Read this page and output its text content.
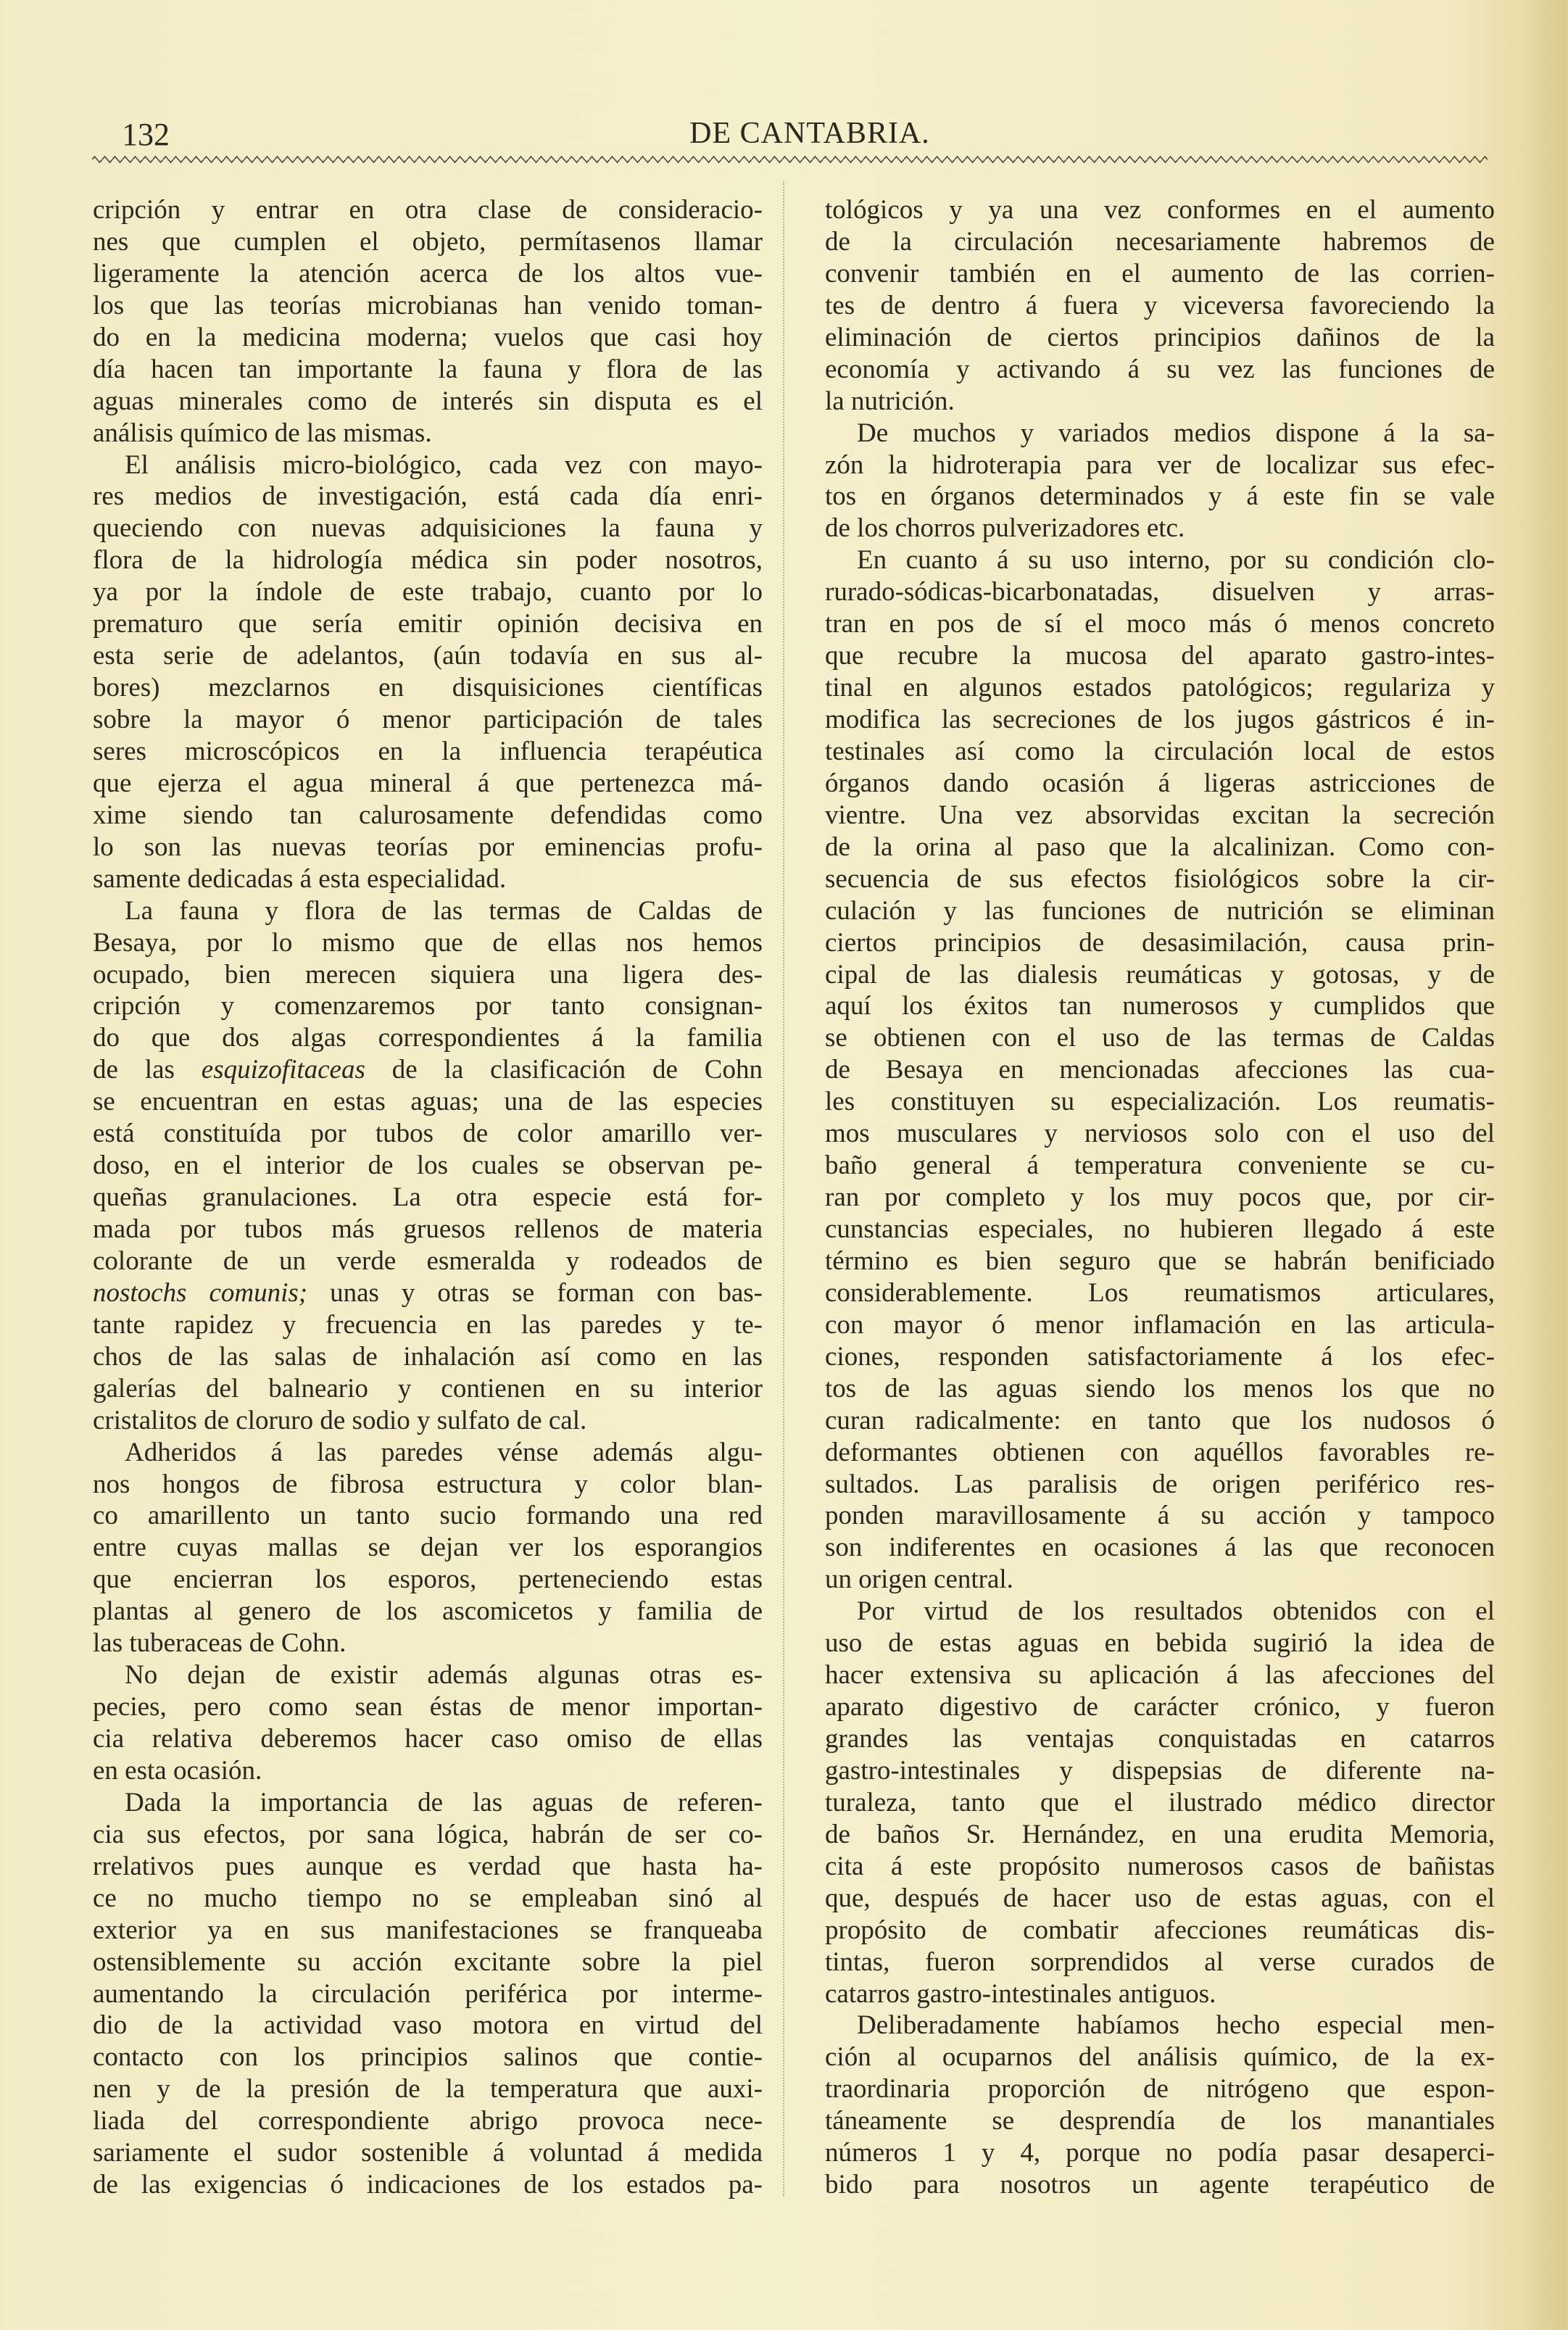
132	DE CANTABRIA.
cripción y entrar en otra clase de consideracio-
nes que cumplen el objeto, permítasenos llamar
ligeramente la atención acerca de los altos vue-
los que las teorías microbianas han venido toman-
do en la medicina moderna; vuelos que casi hoy
día hacen tan importante la fauna y flora de las
aguas minerales como de interés sin disputa es el
análisis químico de las mismas.
El análisis micro-biológico, cada vez con mayo-
res medios de investigación, está cada día enri-
queciendo con nuevas adquisiciones la fauna y
flora de la hidrología médica sin poder nosotros,
ya por la índole de este trabajo, cuanto por lo
prematuro que sería emitir opinión decisiva en
esta serie de adelantos, (aún todavía en sus al-
bores) mezclarnos en disquisiciones científicas
sobre la mayor ó menor participación de tales
seres microscópicos en la influencia terapéutica
que ejerza el agua mineral á que pertenezca má-
xime siendo tan calurosamente defendidas como
lo son las nuevas teorías por eminencias profu-
samente dedicadas á esta especialidad.
La fauna y flora de las termas de Caldas de
Besaya, por lo mismo que de ellas nos hemos
ocupado, bien merecen siquiera una ligera des-
cripción y comenzaremos por tanto consignan-
do que dos algas correspondientes á la familia
de las esquizofitaceas de la clasificación de Cohn
se encuentran en estas aguas; una de las especies
está constituída por tubos de color amarillo ver-
doso, en el interior de los cuales se observan pe-
queñas granulaciones. La otra especie está for-
mada por tubos más gruesos rellenos de materia
colorante de un verde esmeralda y rodeados de
nostochs comunis; unas y otras se forman con bas-
tante rapidez y frecuencia en las paredes y te-
chos de las salas de inhalación así como en las
galerías del balneario y contienen en su interior
cristalitos de cloruro de sodio y sulfato de cal.
Adheridos á las paredes vénse además algu-
nos hongos de fibrosa estructura y color blan-
co amarillento un tanto sucio formando una red
entre cuyas mallas se dejan ver los esporangios
que encierran los esporos, perteneciendo estas
plantas al genero de los ascomicetos y familia de
las tuberaceas de Cohn.
No dejan de existir además algunas otras es-
pecies, pero como sean éstas de menor importan-
cia relativa deberemos hacer caso omiso de ellas
en esta ocasión.
Dada la importancia de las aguas de referen-
cia sus efectos, por sana lógica, habrán de ser co-
rrelativos pues aunque es verdad que hasta ha-
ce no mucho tiempo no se empleaban sinó al
exterior ya en sus manifestaciones se franqueaba
ostensiblemente su acción excitante sobre la piel
aumentando la circulación periférica por interme-
dio de la actividad vaso motora en virtud del
contacto con los principios salinos que contie-
nen y de la presión de la temperatura que auxi-
liada del correspondiente abrigo provoca nece-
sariamente el sudor sostenible á voluntad á medida
de las exigencias ó indicaciones de los estados pa-
tológicos y ya una vez conformes en el aumento
de la circulación necesariamente habremos de
convenir también en el aumento de las corrien-
tes de dentro á fuera y viceversa favoreciendo la
eliminación de ciertos principios dañinos de la
economía y activando á su vez las funciones de
la nutrición.
De muchos y variados medios dispone á la sa-
zón la hidroterapia para ver de localizar sus efec-
tos en órganos determinados y á este fin se vale
de los chorros pulverizadores etc.
En cuanto á su uso interno, por su condición clo-
rurado-sódicas-bicarbonatadas, disuelven y arras-
tran en pos de sí el moco más ó menos concreto
que recubre la mucosa del aparato gastro-intes-
tinal en algunos estados patológicos; regulariza y
modifica las secreciones de los jugos gástricos é in-
testinales así como la circulación local de estos
órganos dando ocasión á ligeras astricciones de
vientre. Una vez absorvidas excitan la secreción
de la orina al paso que la alcalinizan. Como con-
secuencia de sus efectos fisiológicos sobre la cir-
culación y las funciones de nutrición se eliminan
ciertos principios de desasimilación, causa prin-
cipal de las dialesis reumáticas y gotosas, y de
aquí los éxitos tan numerosos y cumplidos que
se obtienen con el uso de las termas de Caldas
de Besaya en mencionadas afecciones las cua-
les constituyen su especialización. Los reumatis-
mos musculares y nerviosos solo con el uso del
baño general á temperatura conveniente se cu-
ran por completo y los muy pocos que, por cir-
cunstancias especiales, no hubieren llegado á este
término es bien seguro que se habrán benificiado
considerablemente. Los reumatismos articulares,
con mayor ó menor inflamación en las articula-
ciones, responden satisfactoriamente á los efec-
tos de las aguas siendo los menos los que no
curan radicalmente: en tanto que los nudosos ó
deformantes obtienen con aquéllos favorables re-
sultados. Las paralisis de origen periférico res-
ponden maravillosamente á su acción y tampoco
son indiferentes en ocasiones á las que reconocen
un origen central.
Por virtud de los resultados obtenidos con el
uso de estas aguas en bebida sugirió la idea de
hacer extensiva su aplicación á las afecciones del
aparato digestivo de carácter crónico, y fueron
grandes las ventajas conquistadas en catarros
gastro-intestinales y dispepsias de diferente na-
turaleza, tanto que el ilustrado médico director
de baños Sr. Hernández, en una erudita Memoria,
cita á este propósito numerosos casos de bañistas
que, después de hacer uso de estas aguas, con el
propósito de combatir afecciones reumáticas dis-
tintas, fueron sorprendidos al verse curados de
catarros gastro-intestinales antiguos.
Deliberadamente habíamos hecho especial men-
ción al ocuparnos del análisis químico, de la ex-
traordinaria proporción de nitrógeno que espon-
táneamente se desprendía de los manantiales
números 1 y 4, porque no podía pasar desaperci-
bido para nosotros un agente terapéutico de
